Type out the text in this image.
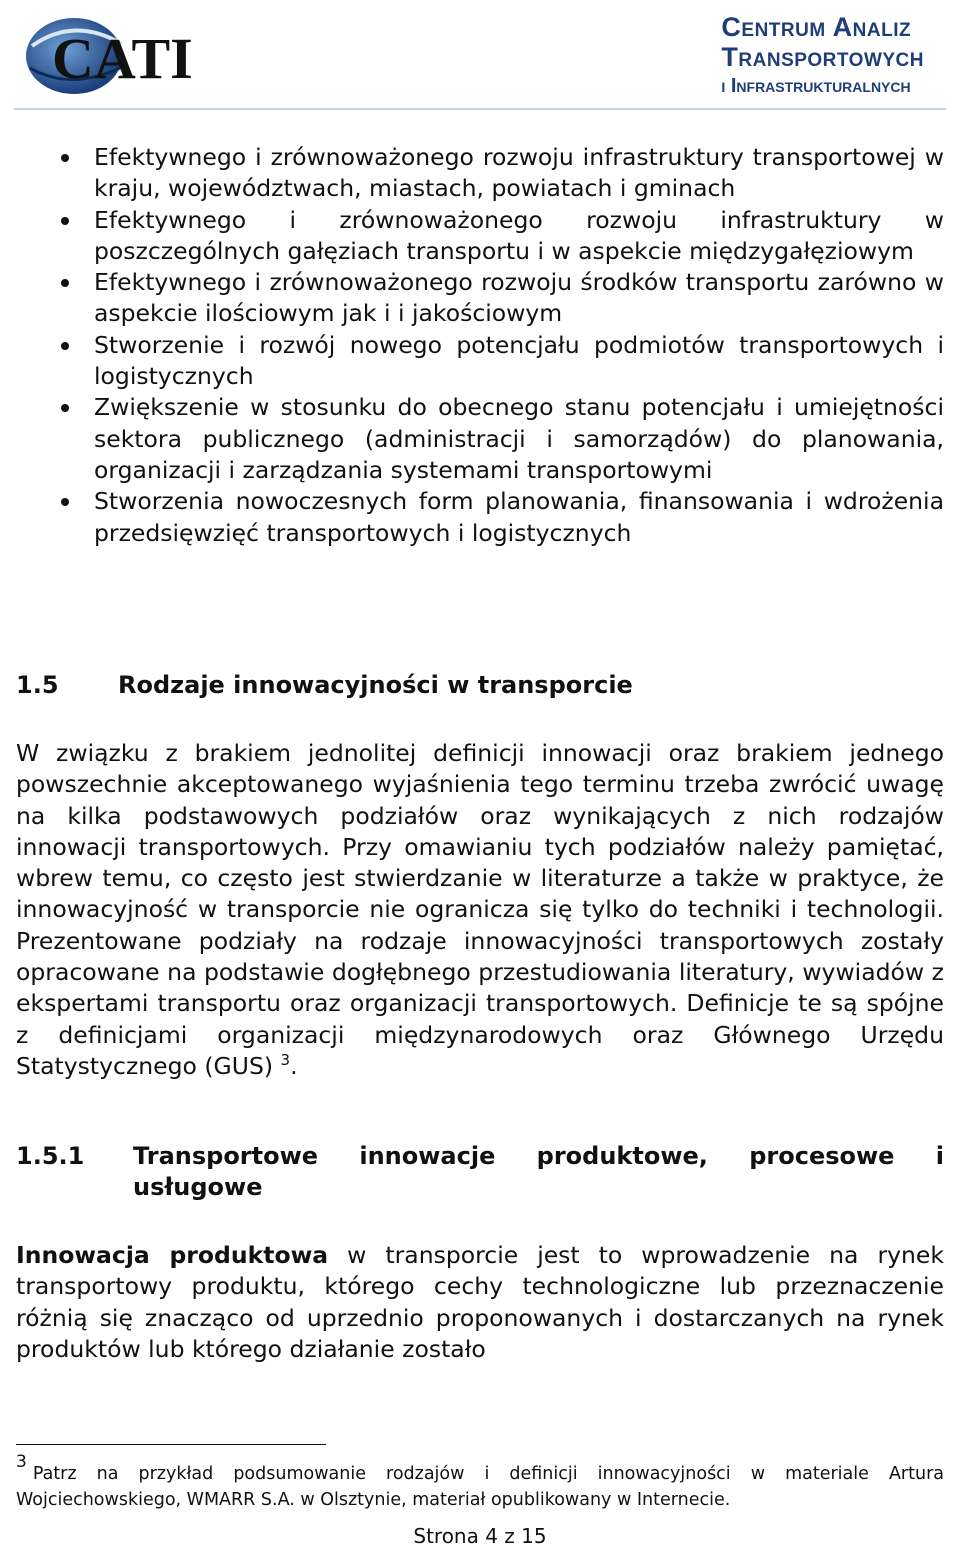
CATI	Centrum Analiz
Transportowych
i Infrastrukturalnych
Efektywnego i zrównoważonego rozwoju infrastruktury transportowej w kraju, województwach, miastach, powiatach i gminach
Efektywnego i zrównoważonego rozwoju infrastruktury w poszczególnych gałęziach transportu i w aspekcie międzygałęziowym
Efektywnego i zrównoważonego rozwoju środków transportu zarówno w aspekcie ilościowym jak i i jakościowym
Stworzenie i rozwój nowego potencjału podmiotów transportowych i logistycznych
Zwiększenie w stosunku do obecnego stanu potencjału i umiejętności sektora publicznego (administracji i samorządów) do planowania, organizacji i zarządzania systemami transportowymi
Stworzenia nowoczesnych form planowania, finansowania i wdrożenia przedsięwzięć transportowych i logistycznych
1.5 Rodzaje innowacyjności w transporcie

W związku z brakiem jednolitej definicji innowacji oraz brakiem jednego powszechnie akceptowanego wyjaśnienia tego terminu trzeba zwrócić uwagę na kilka podstawowych podziałów oraz wynikających z nich rodzajów innowacji transportowych. Przy omawianiu tych podziałów należy pamiętać, wbrew temu, co często jest stwierdzanie w literaturze a także w praktyce, że innowacyjność w transporcie nie ogranicza się tylko do techniki i technologii. Prezentowane podziały na rodzaje innowacyjności transportowych zostały opracowane na podstawie dogłębnego przestudiowania literatury, wywiadów z ekspertami transportu oraz organizacji transportowych. Definicje te są spójne z definicjami organizacji międzynarodowych oraz Głównego Urzędu Statystycznego (GUS) $^3$.

1.5.1	Transportowe innowacje produktowe, procesowe i usługowe

Innowacja produktowa w transporcie jest to wprowadzenie na rynek transportowy produktu, którego cechy technologiczne lub przeznaczenie różnią się znacząco od uprzednio proponowanych i dostarczanych na rynek produktów lub którego działanie zostało

3Patrz na przykład podsumowanie rodzajów i definicji innowacyjności w materiale Artura Wojciechowskiego, WMARR S.A. w Olsztynie, materiał opublikowany w Internecie.

Strona 4 z 15
